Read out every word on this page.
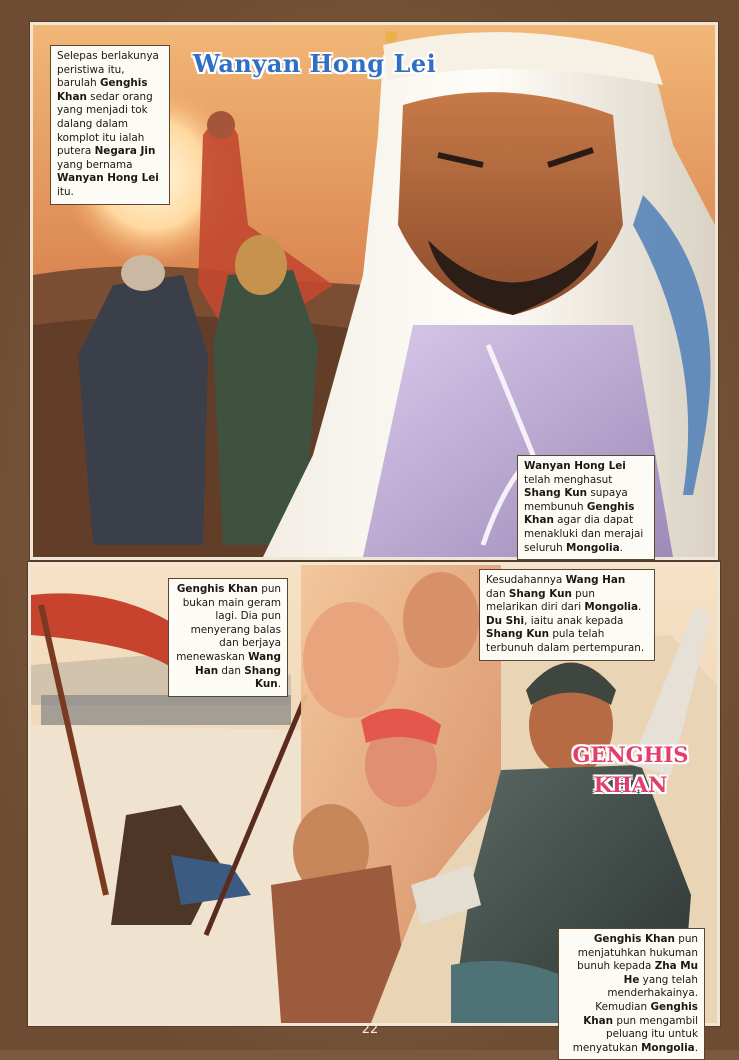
Wanyan Hong Lei
Selepas berlakunya peristiwa itu, barulah Genghis Khan sedar orang yang menjadi tok dalang dalam komplot itu ialah putera Negara Jin yang bernama Wanyan Hong Lei itu.
Wanyan Hong Lei telah menghasut Shang Kun supaya membunuh Genghis Khan agar dia dapat menakluki dan merajai seluruh Mongolia.
GENGHIS
KHAN
Genghis Khan pun bukan main geram lagi. Dia pun menyerang balas dan berjaya menewaskan Wang Han dan Shang Kun.
Kesudahannya Wang Han dan Shang Kun pun melarikan diri dari Mongolia. Du Shi, iaitu anak kepada Shang Kun pula telah terbunuh dalam pertempuran.
Genghis Khan pun menjatuhkan hukuman bunuh kepada Zha Mu He yang telah menderhakainya. Kemudian Genghis Khan pun mengambil peluang itu untuk menyatukan Mongolia.
22
